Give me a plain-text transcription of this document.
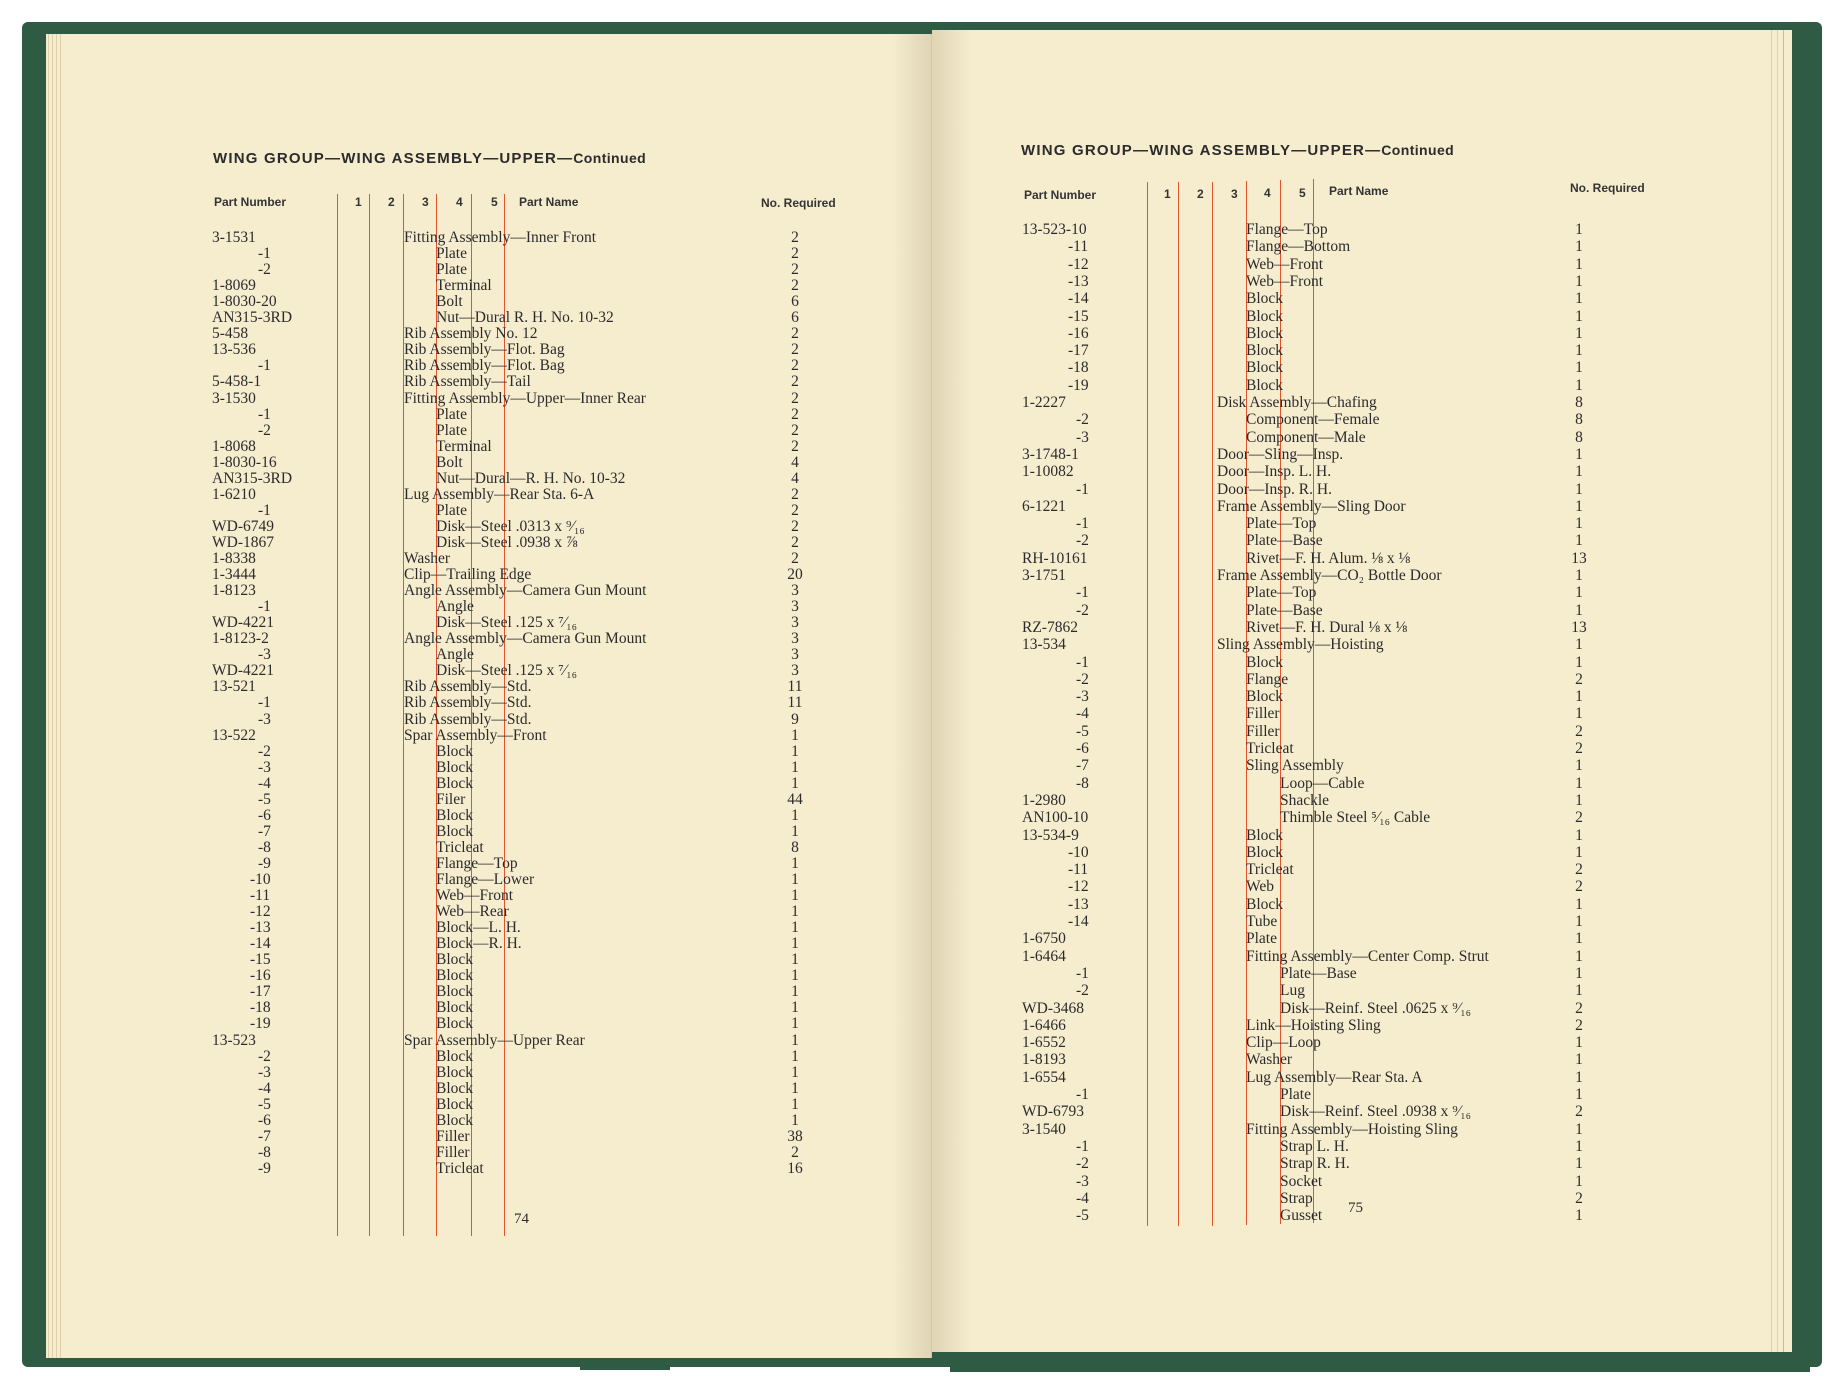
WING GROUP—WING ASSEMBLY—UPPER—Continued
Part Number	1 2 3 4 5 Part Name	No. Required
3-1531	Fitting Assembly—Inner Front	2
-1	Plate	2
-2	Plate	2
1-8069	Terminal	2
1-8030-20	Bolt	6
AN315-3RD	Nut—Dural R. H. No. 10-32	6
5-458	Rib Assembly No. 12	2
13-536	Rib Assembly—Flot. Bag	2
-1	Rib Assembly—Flot. Bag	2
5-458-1	Rib Assembly—Tail	2
3-1530	Fitting Assembly—Upper—Inner Rear	2
-1	Plate	2
-2	Plate	2
1-8068	Terminal	2
1-8030-16	Bolt	4
AN315-3RD	Nut—Dural—R. H. No. 10-32	4
1-6210	Lug Assembly—Rear Sta. 6-A	2
-1	Plate	2
WD-6749	Disk—Steel .0313 x ⁹⁄₁₆	2
WD-1867	Disk—Steel .0938 x ⅞	2
1-8338	Washer	2
1-3444	Clip—Trailing Edge	20
1-8123	Angle Assembly—Camera Gun Mount	3
-1	Angle	3
WD-4221	Disk—Steel .125 x ⁷⁄₁₆	3
1-8123-2	Angle Assembly—Camera Gun Mount	3
-3	Angle	3
WD-4221	Disk—Steel .125 x ⁷⁄₁₆	3
13-521	Rib Assembly—Std.	11
-1	Rib Assembly—Std.	11
-3	Rib Assembly—Std.	9
13-522	Spar Assembly—Front	1
-2	Block	1
-3	Block	1
-4	Block	1
-5	Filer	44
-6	Block	1
-7	Block	1
-8	Tricleat	8
-9	Flange—Top	1
-10	Flange—Lower	1
-11	Web—Front	1
-12	Web—Rear	1
-13	Block—L. H.	1
-14	Block—R. H.	1
-15	Block	1
-16	Block	1
-17	Block	1
-18	Block	1
-19	Block	1
13-523	Spar Assembly—Upper Rear	1
-2	Block	1
-3	Block	1
-4	Block	1
-5	Block	1
-6	Block	1
-7	Filler	38
-8	Filler	2
-9	Tricleat	16
74
WING GROUP—WING ASSEMBLY—UPPER—Continued
Part Number	1 2 3 4 5 Part Name	No. Required
13-523-10	Flange—Top	1
-11	Flange—Bottom	1
-12	Web—Front	1
-13	Web—Front	1
-14	Block	1
-15	Block	1
-16	Block	1
-17	Block	1
-18	Block	1
-19	Block	1
1-2227	Disk Assembly—Chafing	8
-2	Component—Female	8
-3	Component—Male	8
3-1748-1	Door—Sling—Insp.	1
1-10082	Door—Insp. L. H.	1
-1	Door—Insp. R. H.	1
6-1221	Frame Assembly—Sling Door	1
-1	Plate—Top	1
-2	Plate—Base	1
RH-10161	Rivet—F. H. Alum. ⅛ x ⅛	13
3-1751	Frame Assembly—CO₂ Bottle Door	1
-1	Plate—Top	1
-2	Plate—Base	1
RZ-7862	Rivet—F. H. Dural ⅛ x ⅛	13
13-534	Sling Assembly—Hoisting	1
-1	Block	1
-2	Flange	2
-3	Block	1
-4	Filler	1
-5	Filler	2
-6	Tricleat	2
-7	Sling Assembly	1
-8	Loop—Cable	1
1-2980	Shackle	1
AN100-10	Thimble Steel ⁵⁄₁₆ Cable	2
13-534-9	Block	1
-10	Block	1
-11	Tricleat	2
-12	Web	2
-13	Block	1
-14	Tube	1
1-6750	Plate	1
1-6464	Fitting Assembly—Center Comp. Strut	1
-1	Plate—Base	1
-2	Lug	1
WD-3468	Disk—Reinf. Steel .0625 x ⁹⁄₁₆	2
1-6466	Link—Hoisting Sling	2
1-6552	Clip—Loop	1
1-8193	Washer	1
1-6554	Lug Assembly—Rear Sta. A	1
-1	Plate	1
WD-6793	Disk—Reinf. Steel .0938 x ⁹⁄₁₆	2
3-1540	Fitting Assembly—Hoisting Sling	1
-1	Strap L. H.	1
-2	Strap R. H.	1
-3	Socket	1
-4	Strap	2
-5	Gusset	1
75
